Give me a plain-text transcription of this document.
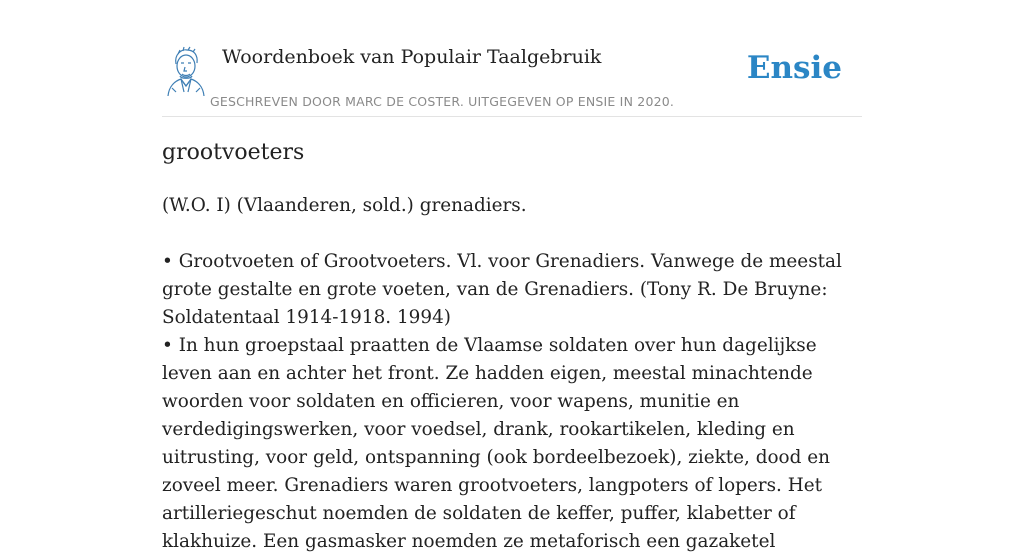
Woordenboek van Populair Taalgebruik
GESCHREVEN DOOR MARC DE COSTER. UITGEGEVEN OP ENSIE IN 2020.
Ensie
grootvoeters

(W.O. I) (Vlaanderen, sold.) grenadiers.

• Grootvoeten of Grootvoeters. Vl. voor Grenadiers. Vanwege de meestal grote gestalte en grote voeten, van de Grenadiers. (Tony R. De Bruyne: Soldatentaal 1914-1918. 1994)

• In hun groepstaal praatten de Vlaamse soldaten over hun dagelijkse leven aan en achter het front. Ze hadden eigen, meestal minachtende woorden voor soldaten en officieren, voor wapens, munitie en verdedigingswerken, voor voedsel, drank, rookartikelen, kleding en uitrusting, voor geld, ontspanning (ook bordeelbezoek), ziekte, dood en zoveel meer. Grenadiers waren grootvoeters, langpoters of lopers. Het artilleriegeschut noemden de soldaten de keffer, puffer, klabetter of klakhuize. Een gasmasker noemden ze metaforisch een gazaketel
